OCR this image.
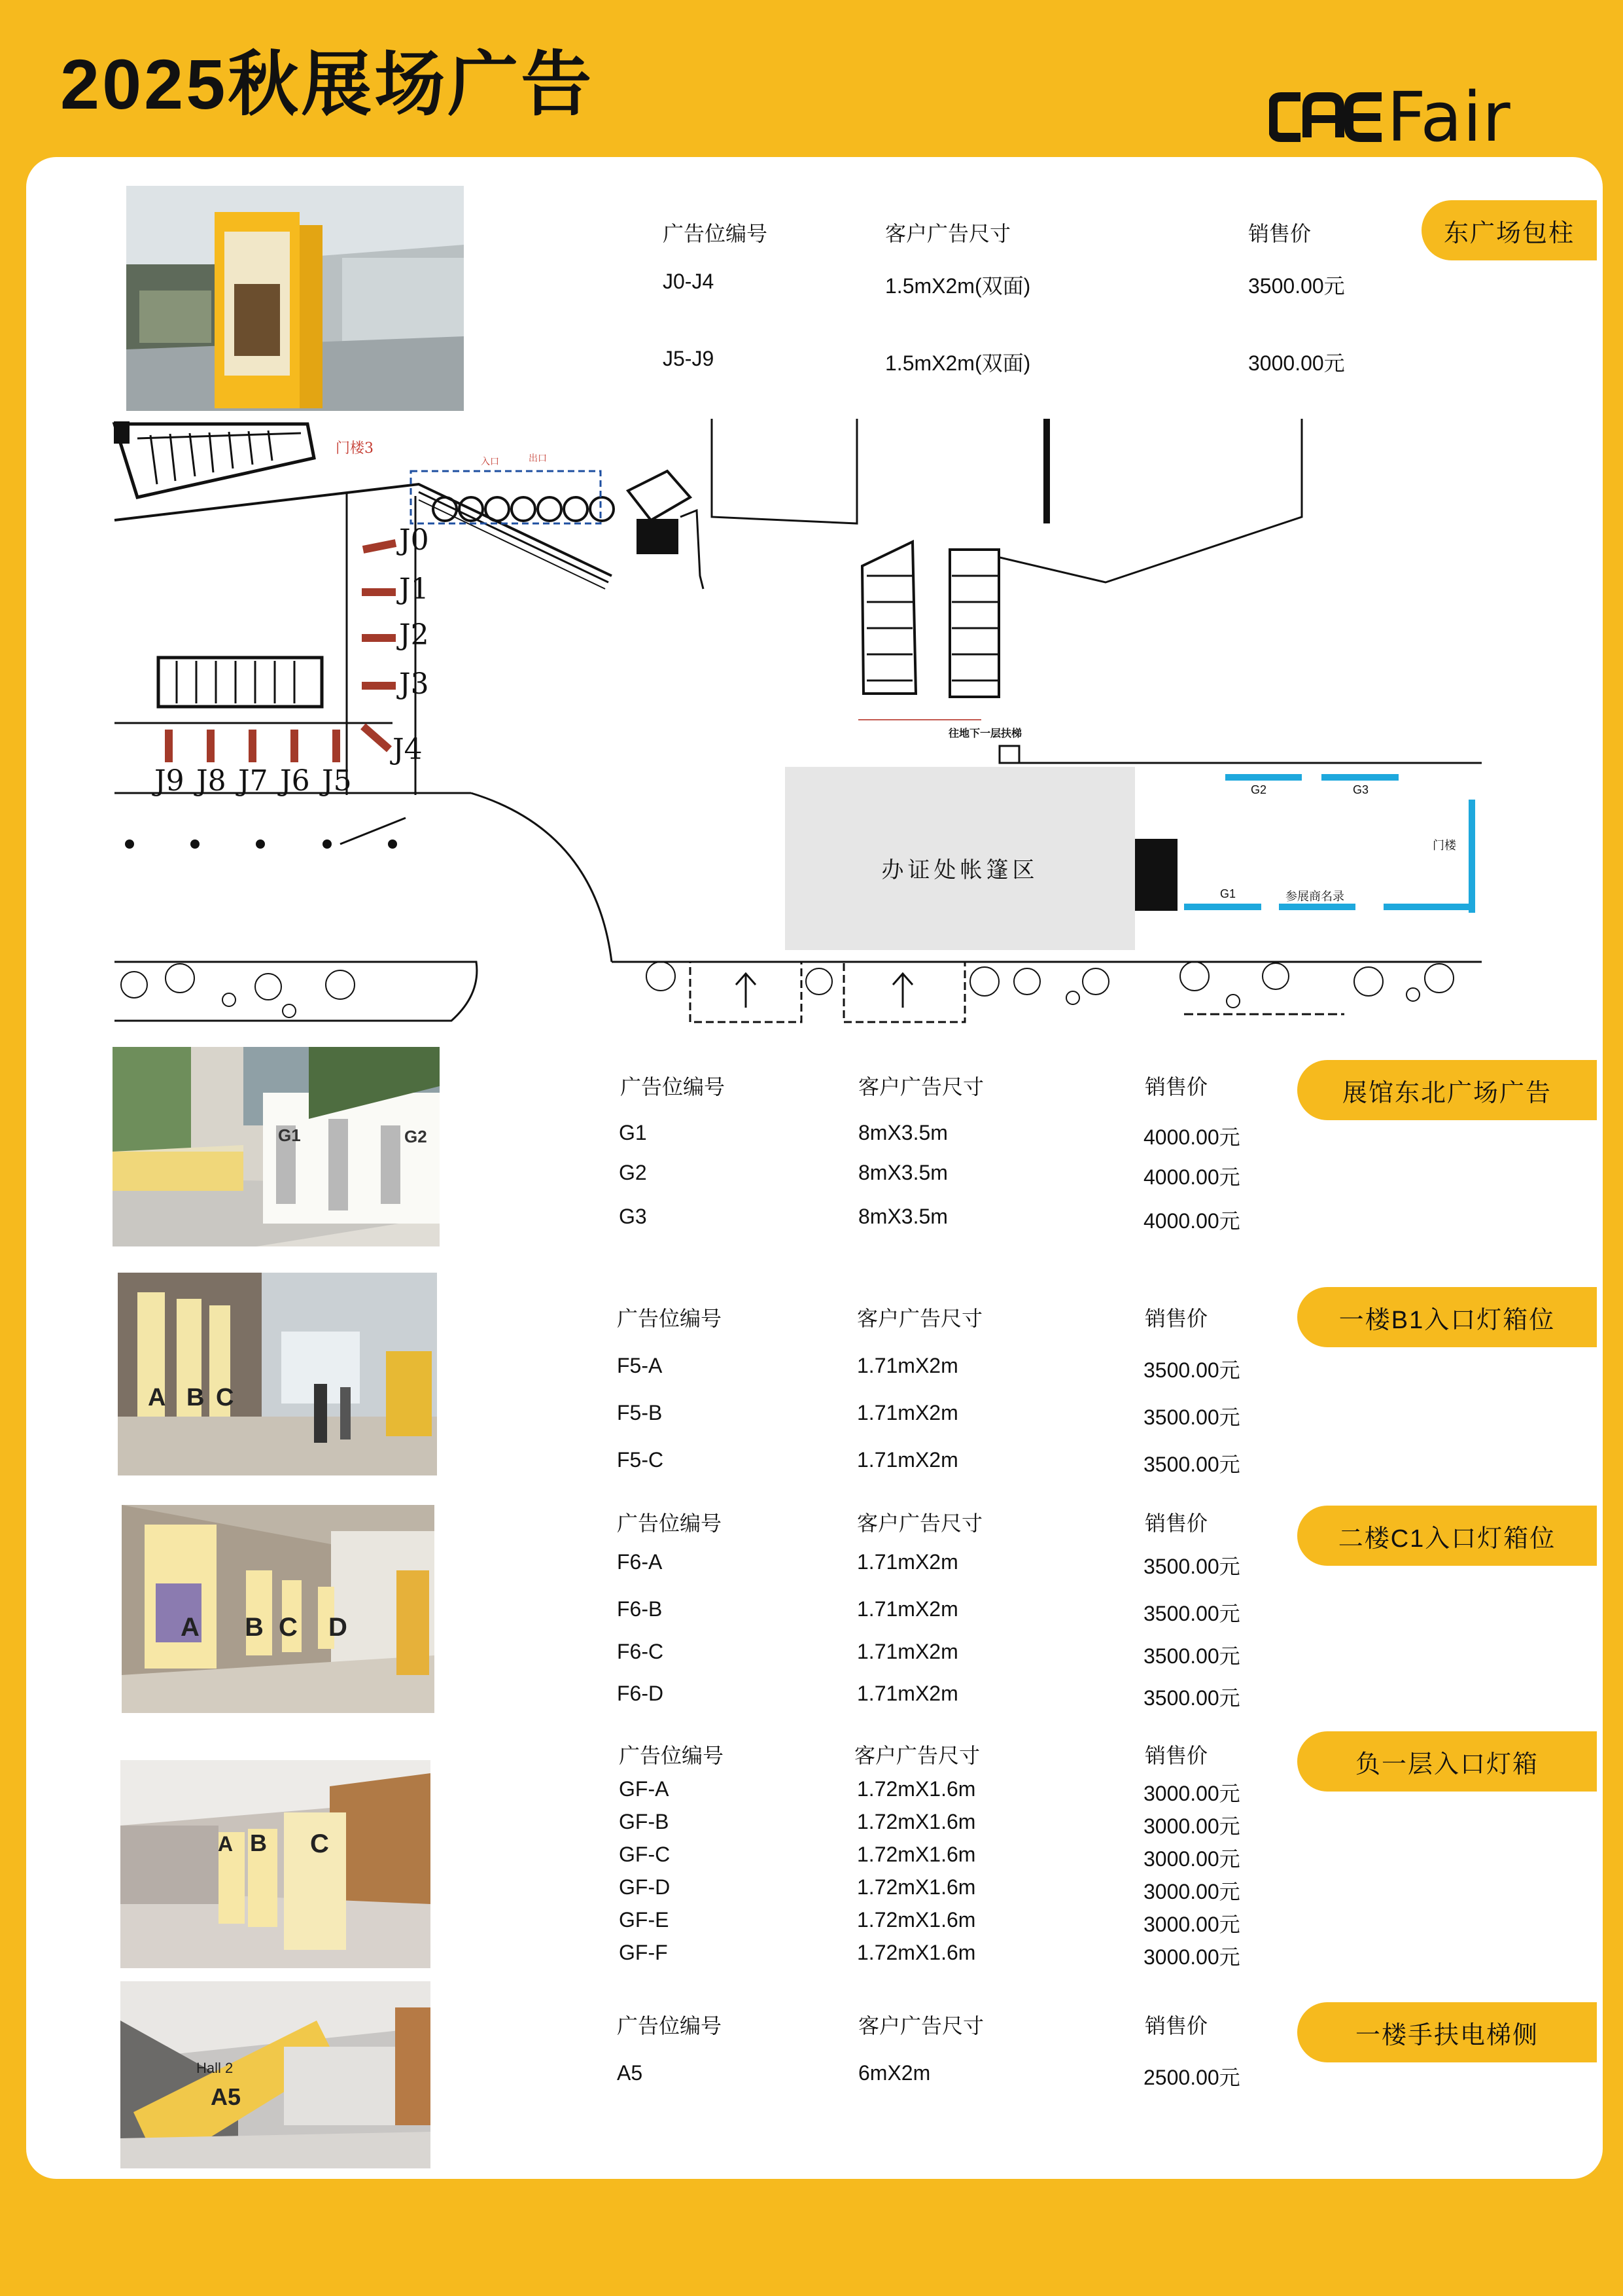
2025秋展场广告	Fair
广告位编号	客户广告尺寸	销售价	东广场包柱
J0-J4	1.5mX2m(双面)	3500.00元
J5-J9	1.5mX2m(双面)	3000.00元
J0
J1
J2
J3
J4
J9 J8 J7 J6 J5
门楼3
入口	出口
往地下一层扶梯
办证处帐篷区
门楼
G2	G3
G1	参展商名录
G1	G2
广告位编号	客户广告尺寸	销售价	展馆东北广场广告
G1	8mX3.5m	4000.00元
G2	8mX3.5m	4000.00元
G3	8mX3.5m	4000.00元
A B C
广告位编号	客户广告尺寸	销售价	一楼B1入口灯箱位
F5-A	1.71mX2m	3500.00元
F5-B	1.71mX2m	3500.00元
F5-C	1.71mX2m	3500.00元
A B C D
广告位编号	客户广告尺寸	销售价
二楼C1入口灯箱位
F6-A	1.71mX2m	3500.00元
F6-B	1.71mX2m	3500.00元
F6-C	1.71mX2m	3500.00元
F6-D	1.71mX2m	3500.00元
A B C
广告位编号	客户广告尺寸	销售价	负一层入口灯箱
GF-A	1.72mX1.6m	3000.00元
GF-B	1.72mX1.6m	3000.00元
GF-C	1.72mX1.6m	3000.00元
GF-D	1.72mX1.6m	3000.00元
GF-E	1.72mX1.6m	3000.00元
GF-F	1.72mX1.6m	3000.00元
Hall 2
A5
广告位编号	客户广告尺寸	销售价	一楼手扶电梯侧
A5	6mX2m	2500.00元
